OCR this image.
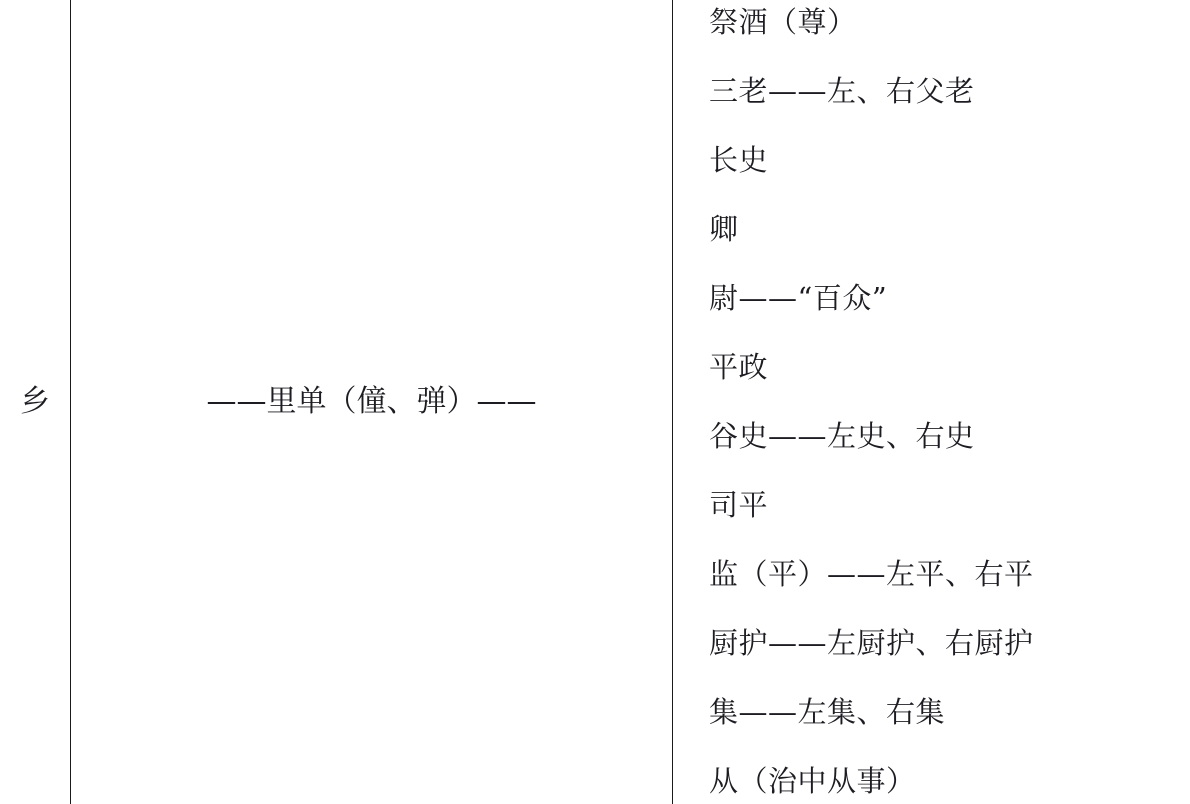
乡	——里单（僮、弹）——
祭酒（尊）
三老——左、右父老
长史
卿
尉——“百众”
平政
谷史——左史、右史
司平
监（平）——左平、右平
厨护——左厨护、右厨护
集——左集、右集
从（治中从事）
